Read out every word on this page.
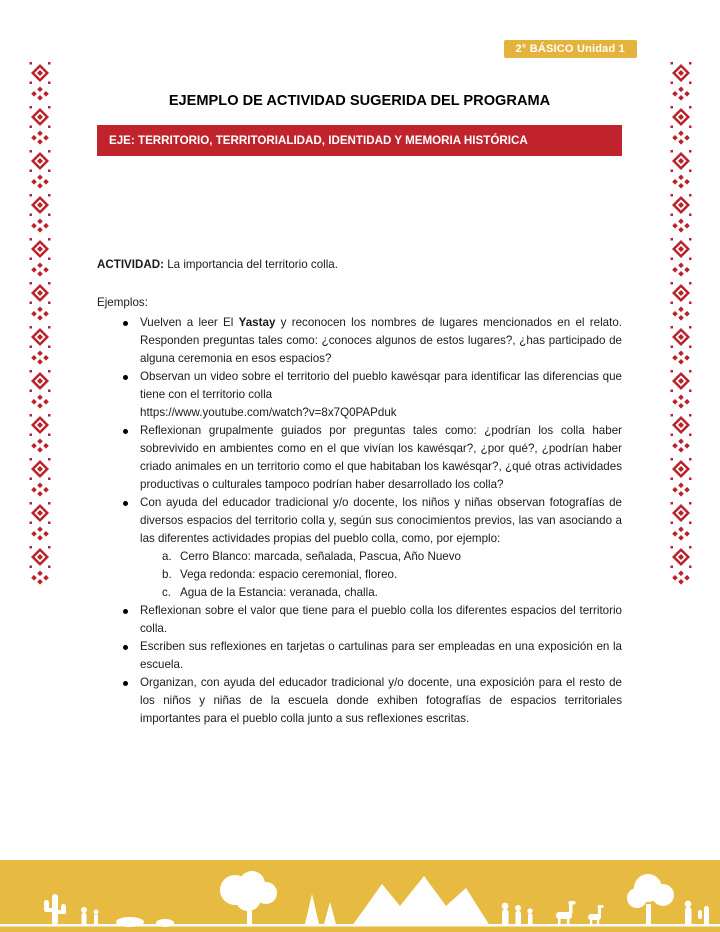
2° BÁSICO Unidad 1
EJEMPLO DE ACTIVIDAD SUGERIDA DEL PROGRAMA
EJE: TERRITORIO, TERRITORIALIDAD, IDENTIDAD Y MEMORIA HISTÓRICA

ACTIVIDAD: La importancia del territorio colla.

Ejemplos:

Vuelven a leer El Yastay y reconocen los nombres de lugares mencionados en el relato. Responden preguntas tales como: ¿conoces algunos de estos lugares?, ¿has participado de alguna ceremonia en esos espacios?
Observan un video sobre el territorio del pueblo kawésqar para identificar las diferencias que tiene con el territorio colla
https://www.youtube.com/watch?v=8x7Q0PAPduk
Reflexionan grupalmente guiados por preguntas tales como: ¿podrían los colla haber sobrevivido en ambientes como en el que vivían los kawésqar?, ¿por qué?, ¿podrían haber criado animales en un territorio como el que habitaban los kawésqar?, ¿qué otras actividades productivas o culturales tampoco podrían haber desarrollado los colla?
Con ayuda del educador tradicional y/o docente, los niños y niñas observan fotografías de diversos espacios del territorio colla y, según sus conocimientos previos, las van asociando a las diferentes actividades propias del pueblo colla, como, por ejemplo:
a. Cerro Blanco: marcada, señalada, Pascua, Año Nuevo
b. Vega redonda: espacio ceremonial, floreo.
c. Agua de la Estancia: veranada, challa.
Reflexionan sobre el valor que tiene para el pueblo colla los diferentes espacios del territorio colla.
Escriben sus reflexiones en tarjetas o cartulinas para ser empleadas en una exposición en la escuela.
Organizan, con ayuda del educador tradicional y/o docente, una exposición para el resto de los niños y niñas de la escuela donde exhiben fotografías de espacios territoriales importantes para el pueblo colla junto a sus reflexiones escritas.
